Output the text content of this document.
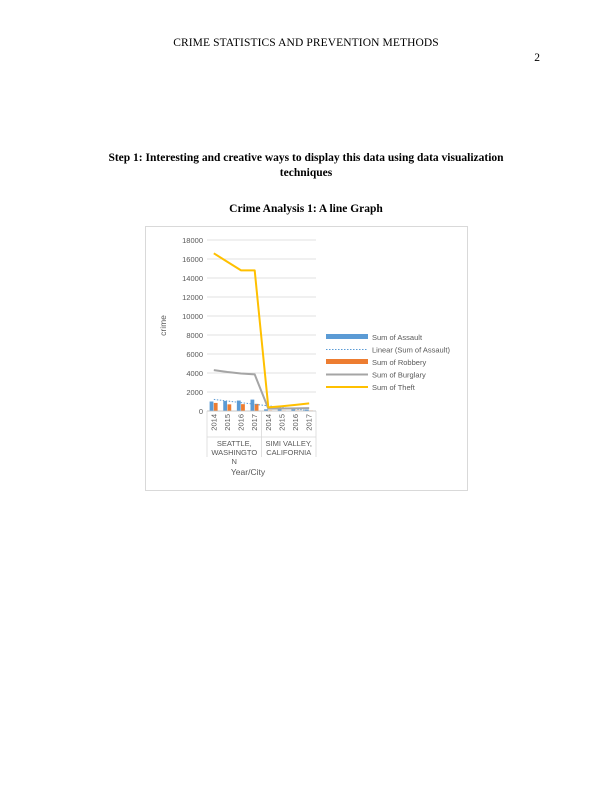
CRIME STATISTICS AND PREVENTION METHODS
2
Step 1: Interesting and creative ways to display this data using data visualization techniques
Crime Analysis 1: A line Graph
0
2000
4000
6000
8000
10000
12000
14000
16000
18000
crime
2014 2015 2016 2017 2014 2015 2016 2017
SEATTLE,
WASHINGTO
N
SIMI VALLEY,
CALIFORNIA
Year/City
Sum of Assault
Linear (Sum of Assault)
Sum of Robbery
Sum of Burglary
Sum of Theft
